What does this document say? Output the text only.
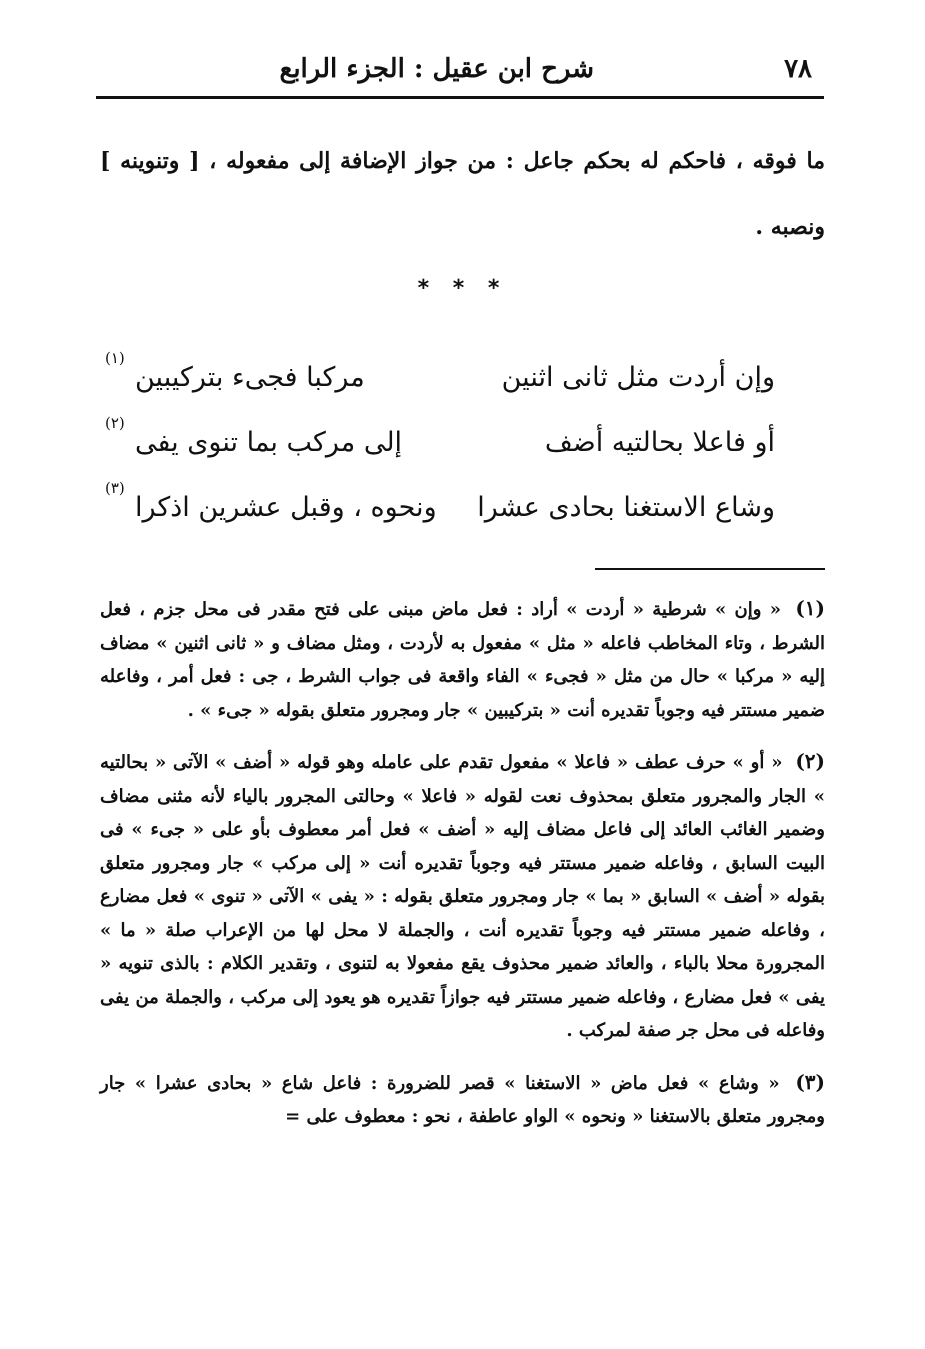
٧٨
شرح ابن عقيل : الجزء الرابع
ما فوقه ، فاحكم له بحكم جاعل : من جواز الإضافة إلى مفعوله ، [ وتنوينه ] ونصبه .
* * *
وإن أردت مثل ثانى اثنين
مركبا فجىء بتركيبين
(١)
أو فاعلا بحالتيه أضف
إلى مركب بما تنوى يفى
(٢)
وشاع الاستغنا بحادى عشرا
ونحوه ، وقبل عشرين اذكرا
(٣)

(١) « وإن » شرطية « أردت » أراد : فعل ماض مبنى على فتح مقدر فى محل جزم ، فعل الشرط ، وتاء المخاطب فاعله « مثل » مفعول به لأردت ، ومثل مضاف و « ثانى اثنين » مضاف إليه « مركبا » حال من مثل « فجىء » الفاء واقعة فى جواب الشرط ، جى : فعل أمر ، وفاعله ضمير مستتر فيه وجوباً تقديره أنت « بتركيبين » جار ومجرور متعلق بقوله « جىء » .

(٢) « أو » حرف عطف « فاعلا » مفعول تقدم على عامله وهو قوله « أضف » الآتى « بحالتيه » الجار والمجرور متعلق بمحذوف نعت لقوله « فاعلا » وحالتى المجرور بالياء لأنه مثنى مضاف وضمير الغائب العائد إلى فاعل مضاف إليه « أضف » فعل أمر معطوف بأو على « جىء » فى البيت السابق ، وفاعله ضمير مستتر فيه وجوباً تقديره أنت « إلى مركب » جار ومجرور متعلق بقوله « أضف » السابق « بما » جار ومجرور متعلق بقوله : « يفى » الآتى « تنوى » فعل مضارع ، وفاعله ضمير مستتر فيه وجوباً تقديره أنت ، والجملة لا محل لها من الإعراب صلة « ما » المجرورة محلا بالباء ، والعائد ضمير محذوف يقع مفعولا به لتنوى ، وتقدير الكلام : بالذى تنويه « يفى » فعل مضارع ، وفاعله ضمير مستتر فيه جوازاً تقديره هو يعود إلى مركب ، والجملة من يفى وفاعله فى محل جر صفة لمركب .

(٣) « وشاع » فعل ماض « الاستغنا » قصر للضرورة : فاعل شاع « بحادى عشرا » جار ومجرور متعلق بالاستغنا « ونحوه » الواو عاطفة ، نحو : معطوف على =
